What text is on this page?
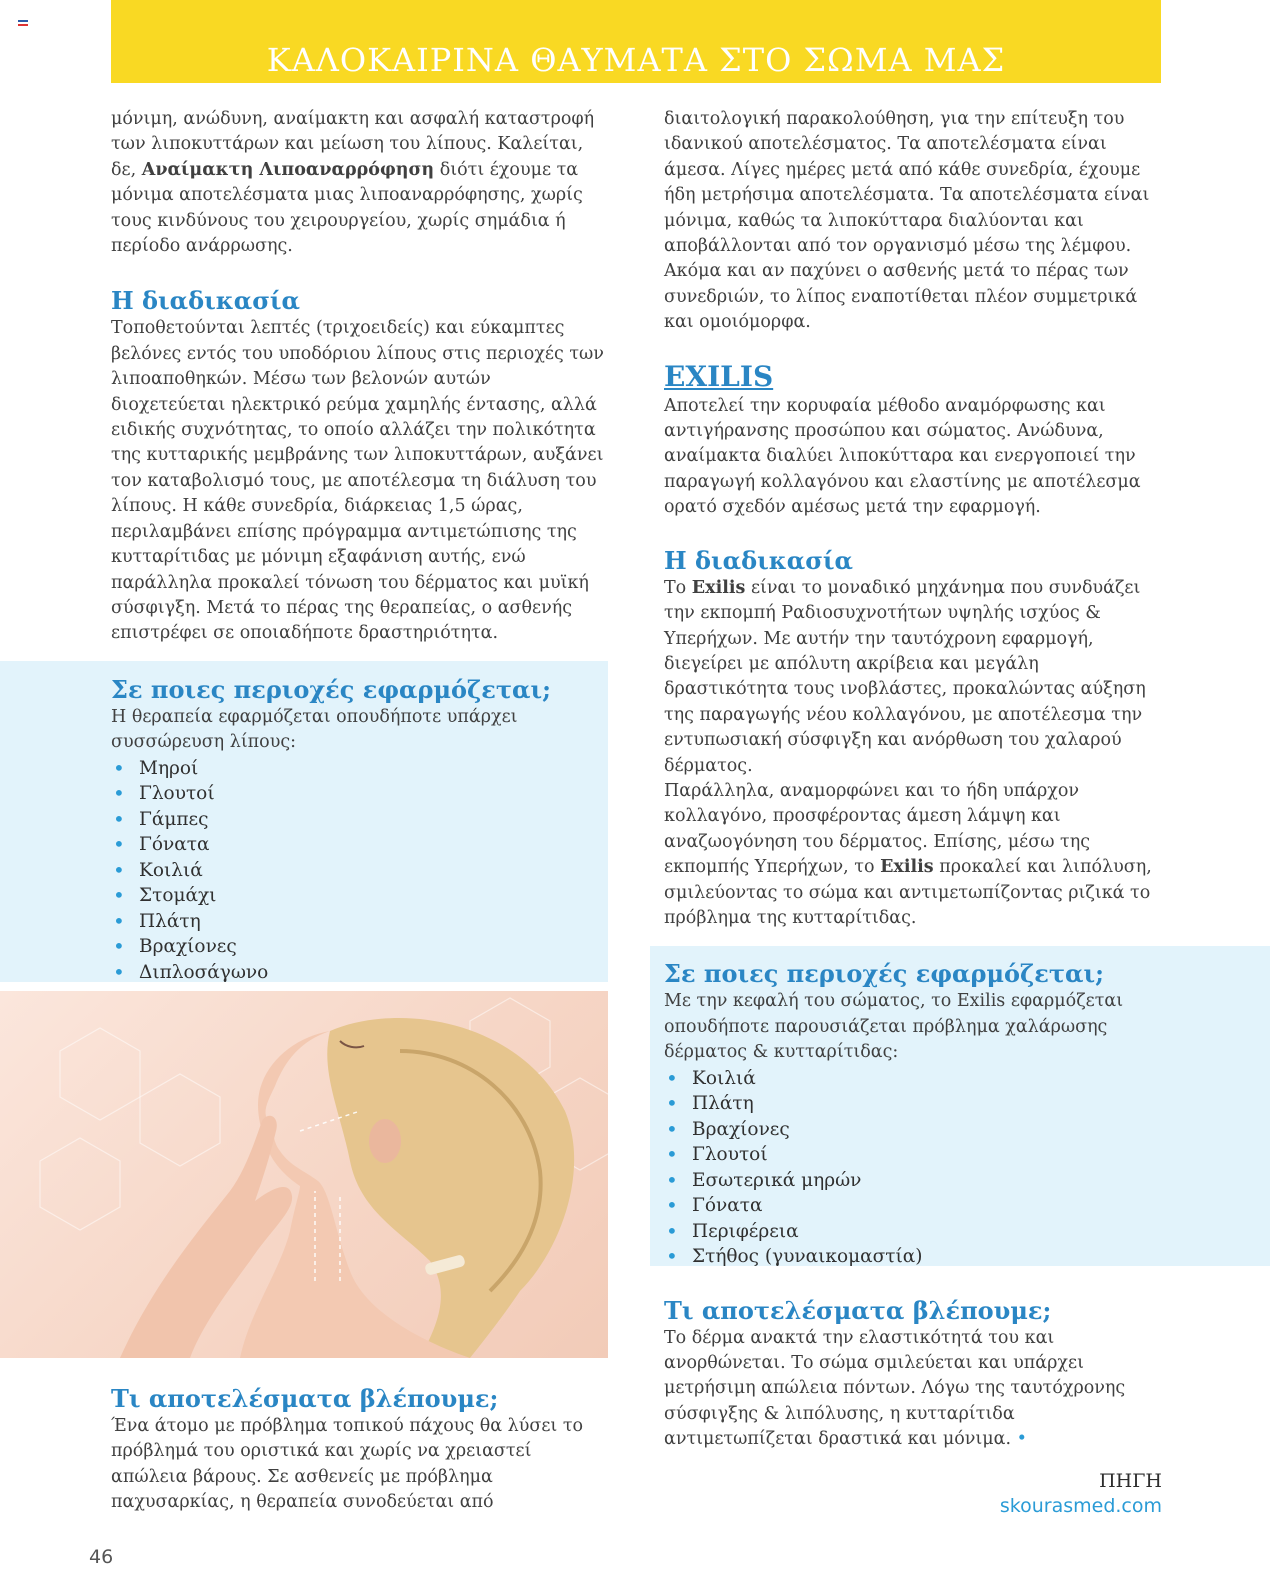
ΚΑΛΟΚΑΙΡΙΝΑ ΘΑΥΜΑΤΑ ΣΤΟ ΣΩΜΑ ΜΑΣ

μόνιμη, ανώδυνη, αναίμακτη και ασφαλή καταστροφή των λιποκυττάρων και μείωση του λίπους. Καλείται, δε, Αναίμακτη Λιποαναρρόφηση διότι έχουμε τα μόνιμα αποτελέσματα μιας λιποαναρρόφησης, χωρίς τους κινδύνους του χειρουργείου, χωρίς σημάδια ή περίοδο ανάρρωσης.

Η διαδικασία

Τοποθετούνται λεπτές (τριχοειδείς) και εύκαμπτες βελόνες εντός του υποδόριου λίπους στις περιοχές των λιποαποθηκών. Μέσω των βελονών αυτών διοχετεύεται ηλεκτρικό ρεύμα χαμηλής έντασης, αλλά ειδικής συχνότητας, το οποίο αλλάζει την πολικότητα της κυτταρικής μεμβράνης των λιποκυττάρων, αυξάνει τον καταβολισμό τους, με αποτέλεσμα τη διάλυση του λίπους. Η κάθε συνεδρία, διάρκειας 1,5 ώρας, περιλαμβάνει επίσης πρόγραμμα αντιμετώπισης της κυτταρίτιδας με μόνιμη εξαφάνιση αυτής, ενώ παράλληλα προκαλεί τόνωση του δέρματος και μυϊκή σύσφιγξη. Μετά το πέρας της θεραπείας, ο ασθενής επιστρέφει σε οποιαδήποτε δραστηριότητα.

Σε ποιες περιοχές εφαρμόζεται;

Η θεραπεία εφαρμόζεται οπουδήποτε υπάρχει συσσώρευση λίπους:

• Μηροί
• Γλουτοί
• Γάμπες
• Γόνατα
• Κοιλιά
• Στομάχι
• Πλάτη
• Βραχίονες
• Διπλοσάγωνο
Τι αποτελέσματα βλέπουμε;

Ένα άτομο με πρόβλημα τοπικού πάχους θα λύσει το πρόβλημά του οριστικά και χωρίς να χρειαστεί απώλεια βάρους. Σε ασθενείς με πρόβλημα παχυσαρκίας, η θεραπεία συνοδεύεται από

διαιτολογική παρακολούθηση, για την επίτευξη του ιδανικού αποτελέσματος. Τα αποτελέσματα είναι άμεσα. Λίγες ημέρες μετά από κάθε συνεδρία, έχουμε ήδη μετρήσιμα αποτελέσματα. Τα αποτελέσματα είναι μόνιμα, καθώς τα λιποκύτταρα διαλύονται και αποβάλλονται από τον οργανισμό μέσω της λέμφου. Ακόμα και αν παχύνει ο ασθενής μετά το πέρας των συνεδριών, το λίπος εναποτίθεται πλέον συμμετρικά και ομοιόμορφα.

EXILIS

Αποτελεί την κορυφαία μέθοδο αναμόρφωσης και αντιγήρανσης προσώπου και σώματος. Ανώδυνα, αναίμακτα διαλύει λιποκύτταρα και ενεργοποιεί την παραγωγή κολλαγόνου και ελαστίνης με αποτέλεσμα ορατό σχεδόν αμέσως μετά την εφαρμογή.

Η διαδικασία

Το Exilis είναι το μοναδικό μηχάνημα που συνδυάζει την εκπομπή Ραδιοσυχνοτήτων υψηλής ισχύος & Υπερήχων. Με αυτήν την ταυτόχρονη εφαρμογή, διεγείρει με απόλυτη ακρίβεια και μεγάλη δραστικότητα τους ινοβλάστες, προκαλώντας αύξηση της παραγωγής νέου κολλαγόνου, με αποτέλεσμα την εντυπωσιακή σύσφιγξη και ανόρθωση του χαλαρού δέρματος.

Παράλληλα, αναμορφώνει και το ήδη υπάρχον κολλαγόνο, προσφέροντας άμεση λάμψη και αναζωογόνηση του δέρματος. Επίσης, μέσω της εκπομπής Υπερήχων, το Exilis προκαλεί και λιπόλυση, σμιλεύοντας το σώμα και αντιμετωπίζοντας ριζικά το πρόβλημα της κυτταρίτιδας.

Σε ποιες περιοχές εφαρμόζεται;

Με την κεφαλή του σώματος, το Exilis εφαρμόζεται οπουδήποτε παρουσιάζεται πρόβλημα χαλάρωσης δέρματος & κυτταρίτιδας:

• Κοιλιά
• Πλάτη
• Βραχίονες
• Γλουτοί
• Εσωτερικά μηρών
• Γόνατα
• Περιφέρεια
• Στήθος (γυναικομαστία)
Τι αποτελέσματα βλέπουμε;

Το δέρμα ανακτά την ελαστικότητά του και ανορθώνεται. Το σώμα σμιλεύεται και υπάρχει μετρήσιμη απώλεια πόντων. Λόγω της ταυτόχρονης σύσφιγξης & λιπόλυσης, η κυτταρίτιδα αντιμετωπίζεται δραστικά και μόνιμα. •

ΠΗΓΗ
skourasmed.com
46
